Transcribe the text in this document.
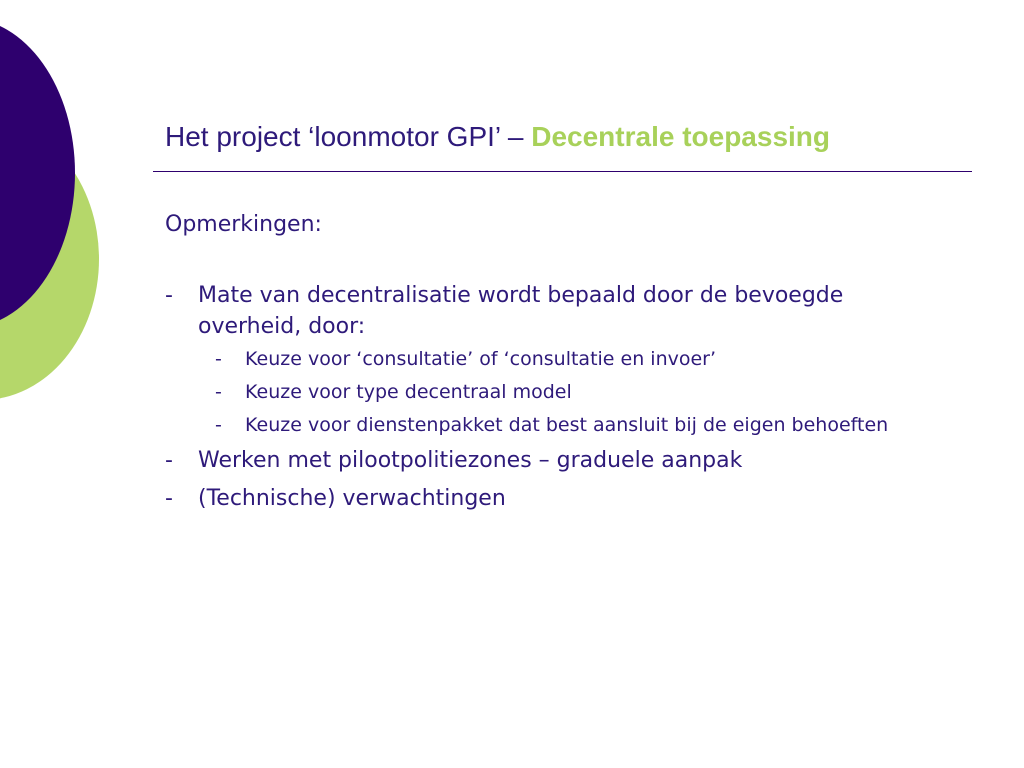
Het project ‘loonmotor GPI’ – Decentrale toepassing

Opmerkingen:

-	Mate van decentralisatie wordt bepaald door de bevoegde overheid, door:
-	Keuze voor ‘consultatie’ of ‘consultatie en invoer’
-	Keuze voor type decentraal model
-	Keuze voor dienstenpakket dat best aansluit bij de eigen behoeften
-	Werken met pilootpolitiezones – graduele aanpak
-	(Technische) verwachtingen
